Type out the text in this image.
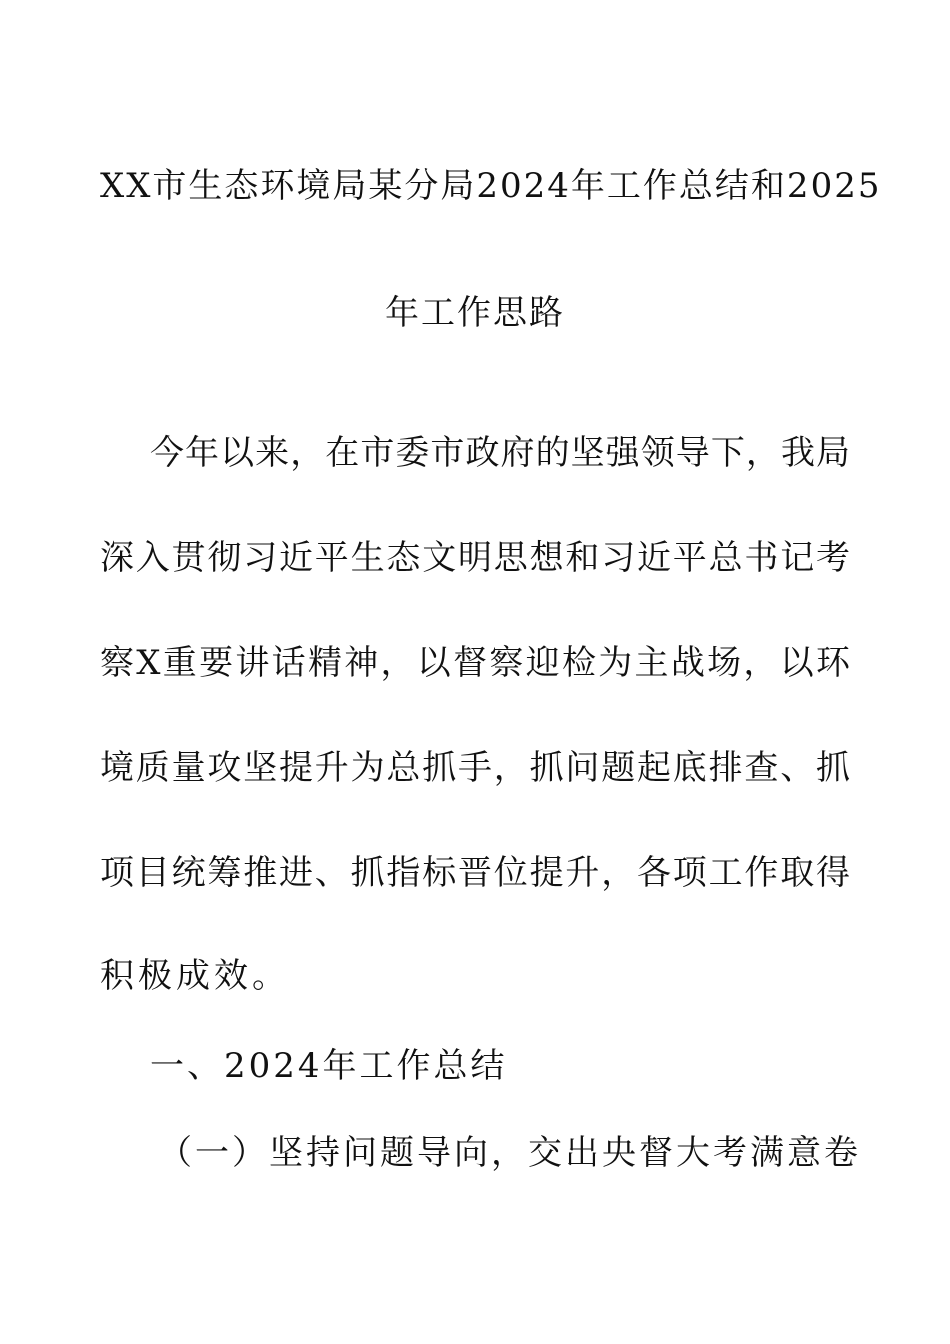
XX市生态环境局某分局2024年工作总结和2025
年工作思路
今年以来，在市委市政府的坚强领导下，我局
深入贯彻习近平生态文明思想和习近平总书记考
察X重要讲话精神，以督察迎检为主战场，以环
境质量攻坚提升为总抓手，抓问题起底排查、抓
项目统筹推进、抓指标晋位提升，各项工作取得
积极成效。
一、2024年工作总结
（一）坚持问题导向，交出央督大考满意卷
